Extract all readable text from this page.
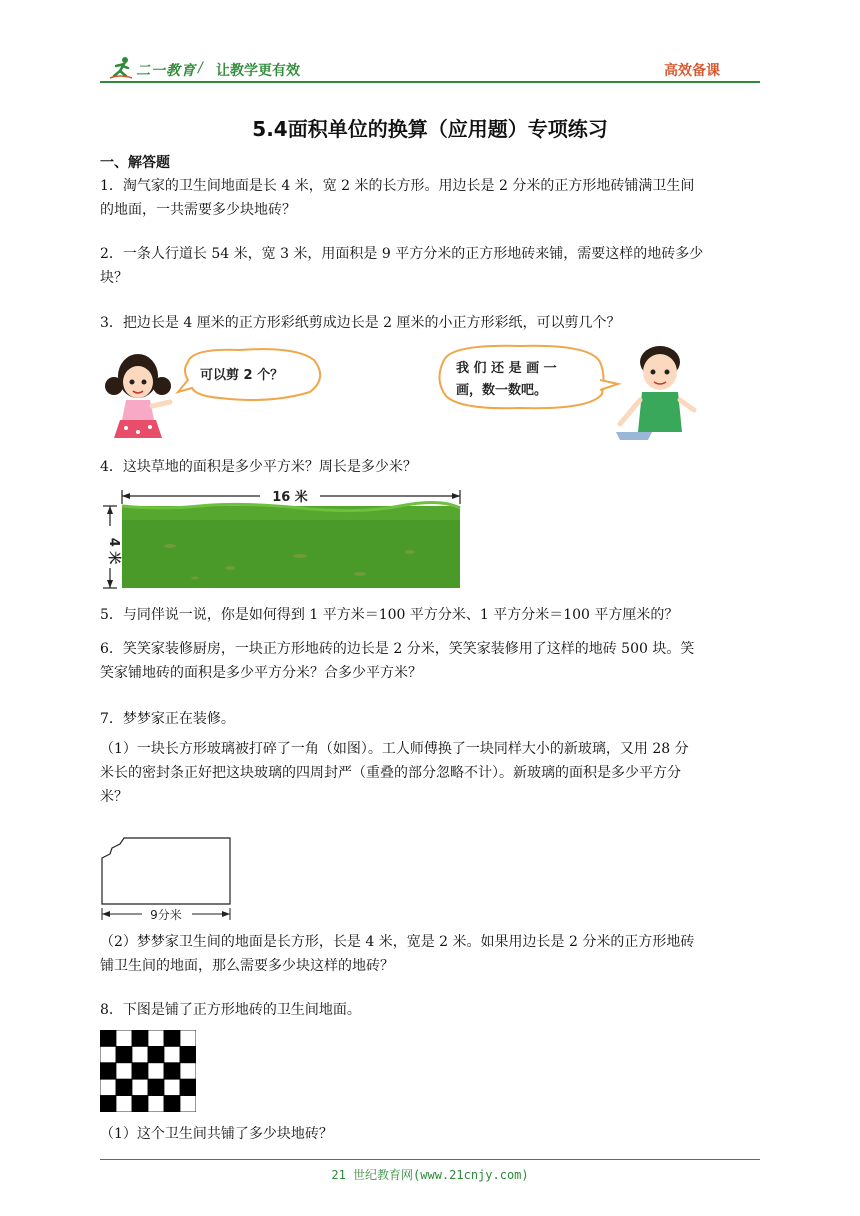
二一教育 / 让教学更有效	高效备课
5.4面积单位的换算（应用题）专项练习
一、解答题
1．淘气家的卫生间地面是长 4 米，宽 2 米的长方形。用边长是 2 分米的正方形地砖铺满卫生间
的地面，一共需要多少块地砖？
2．一条人行道长 54 米，宽 3 米，用面积是 9 平方分米的正方形地砖来铺，需要这样的地砖多少
块？
3．把边长是 4 厘米的正方形彩纸剪成边长是 2 厘米的小正方形彩纸，可以剪几个？
可以剪 2 个？	我 们 还 是 画 一
画，数一数吧。
4．这块草地的面积是多少平方米？周长是多少米？
16 米
4 米
5．与同伴说一说，你是如何得到 1 平方米＝100 平方分米、1 平方分米＝100 平方厘米的？
6．笑笑家装修厨房，一块正方形地砖的边长是 2 分米，笑笑家装修用了这样的地砖 500 块。笑
笑家铺地砖的面积是多少平方分米？合多少平方米？
7．梦梦家正在装修。
（1）一块长方形玻璃被打碎了一角（如图）。工人师傅换了一块同样大小的新玻璃，又用 28 分
米长的密封条正好把这块玻璃的四周封严（重叠的部分忽略不计）。新玻璃的面积是多少平方分
米？
9分米
（2）梦梦家卫生间的地面是长方形，长是 4 米，宽是 2 米。如果用边长是 2 分米的正方形地砖
铺卫生间的地面，那么需要多少块这样的地砖？
8．下图是铺了正方形地砖的卫生间地面。
（1）这个卫生间共铺了多少块地砖？
21 世纪教育网(www.21cnjy.com)
